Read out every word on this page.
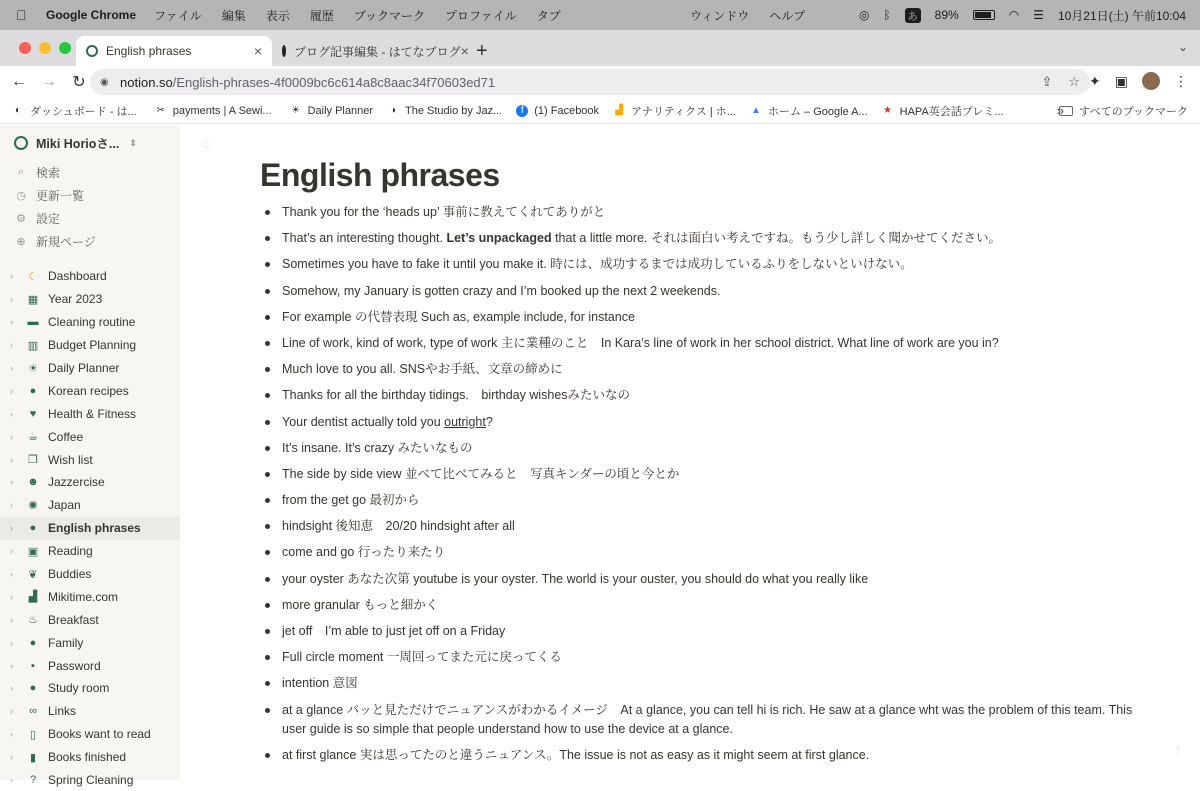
Google Chrome ファイル 編集 表示 履歴 ブックマーク プロファイル タブ	ウィンドウ ヘルプ	◎ ᛒ	あ 89%	◠ ☰ 10月21日(土) 午前10:04
English phrases	×	ブログ記事編集 - はてなブログ × +	⌄
← → ↻	◉ notion.so /English-phrases-4f0009bc6c614a8c8aac34f70603ed71	⇪ ☆ ✦ ▣	⋮
◐ ダッシュボード - は... ✂ payments | A Sewi... ☀ Daily Planner ◑ The Studio by Jaz...	f (1) Facebook ▟ アナリティクス | ホ... ▲ ホーム – Google A... ★ HAPA英会話プレミ...	» すべてのブックマーク
Miki Horioさ... ⇕
⌕ 検索
◷ 更新一覧
⚙ 設定
⊕ 新規ページ
›	☾ Dashboard
›	▦ Year 2023
›	▬ Cleaning routine
›	▥ Budget Planning
›	☀ Daily Planner
›	● Korean recipes
›	♥ Health & Fitness
›	☕ Coffee
›	❐ Wish list
›	☻ Jazzercise
›	✺ Japan
›	● English phrases
›	▣ Reading
›	❦ Buddies
›	▟ Mikitime.com
›	♨ Breakfast
›	● Family
›	▪	Password
›	● Study room
›	∞ Links
›	▯ Books want to read
›	▮ Books finished
›	? Spring Cleaning
☺
English phrases
Thank you for the ‘heads up’ 事前に教えてくれてありがと
That’s an interesting thought. Let’s unpackaged that a little more. それは面白い考えですね。もう少し詳しく聞かせてください。
Sometimes you have to fake it until you make it. 時には、成功するまでは成功しているふりをしないといけない。
Somehow, my January is gotten crazy and I’m booked up the next 2 weekends.
For example の代替表現 Such as, example include, for instance
Line of work, kind of work, type of work 主に業種のこと　In Kara’s line of work in her school district. What line of work are you in?
Much love to you all. SNSやお手紙、文章の締めに
Thanks for all the birthday tidings.　birthday wishesみたいなの
Your dentist actually told you outright?
It’s insane. It’s crazy みたいなもの
The side by side view 並べて比べてみると　写真キンダーの頃と今とか
from the get go 最初から
hindsight 後知恵　20/20 hindsight after all
come and go 行ったり来たり
your oyster あなた次第 youtube is your oyster. The world is your ouster, you should do what you really like
more granular もっと細かく
jet off　I’m able to just jet off on a Friday
Full circle moment 一周回ってまた元に戻ってくる
intention 意図
at a glance パッと見ただけでニュアンスがわかるイメージ　At a glance, you can tell hi is rich. He saw at a glance wht was the problem of this team. This user guide is so simple that people understand how to use the device at a glance.
at first glance 実は思ってたのと違うニュアンス。The issue is not as easy as it might seem at first glance.	↑
